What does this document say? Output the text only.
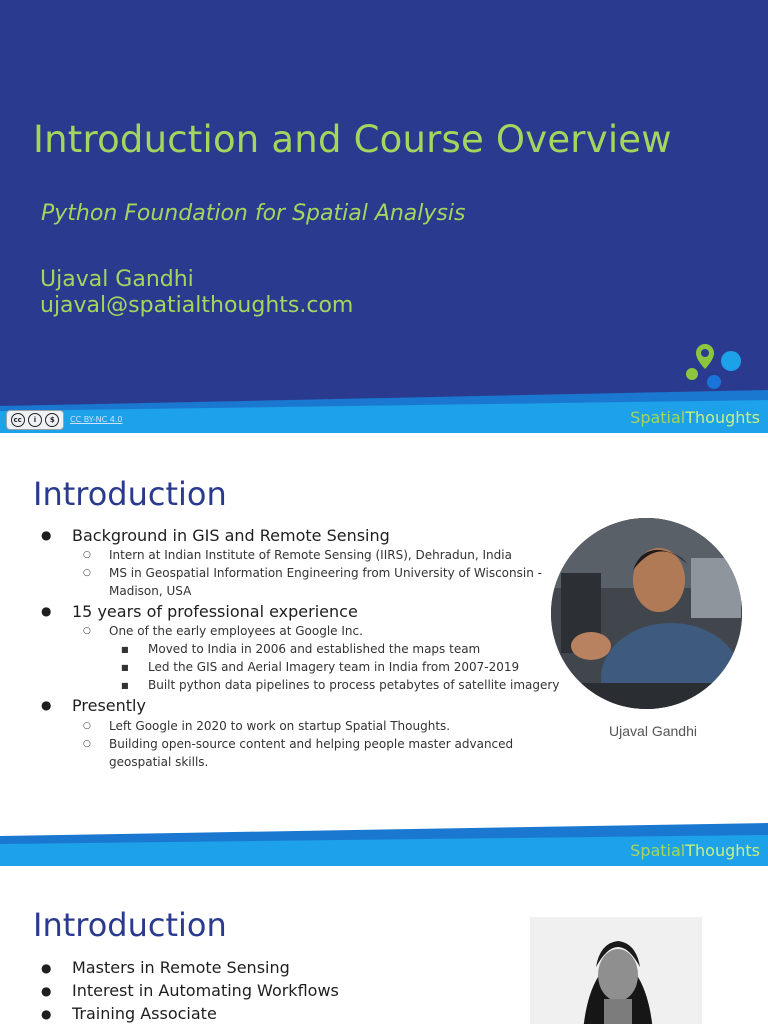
Introduction and Course Overview
Python Foundation for Spatial Analysis
Ujaval Gandhi
ujaval@spatialthoughts.com
cc	i	$	CC BY-NC 4.0	SpatialThoughts
Introduction
● Background in GIS and Remote Sensing
○ Intern at Indian Institute of Remote Sensing (IIRS), Dehradun, India
○ MS in Geospatial Information Engineering from University of Wisconsin -
Madison, USA
● 15 years of professional experience
○ One of the early employees at Google Inc.
■ Moved to India in 2006 and established the maps team
■ Led the GIS and Aerial Imagery team in India from 2007-2019
■ Built python data pipelines to process petabytes of satellite imagery
● Presently
○ Left Google in 2020 to work on startup Spatial Thoughts.
○ Building open-source content and helping people master advanced
geospatial skills.
Ujaval Gandhi
SpatialThoughts
Introduction
● Masters in Remote Sensing
● Interest in Automating Workflows
● Training Associate
